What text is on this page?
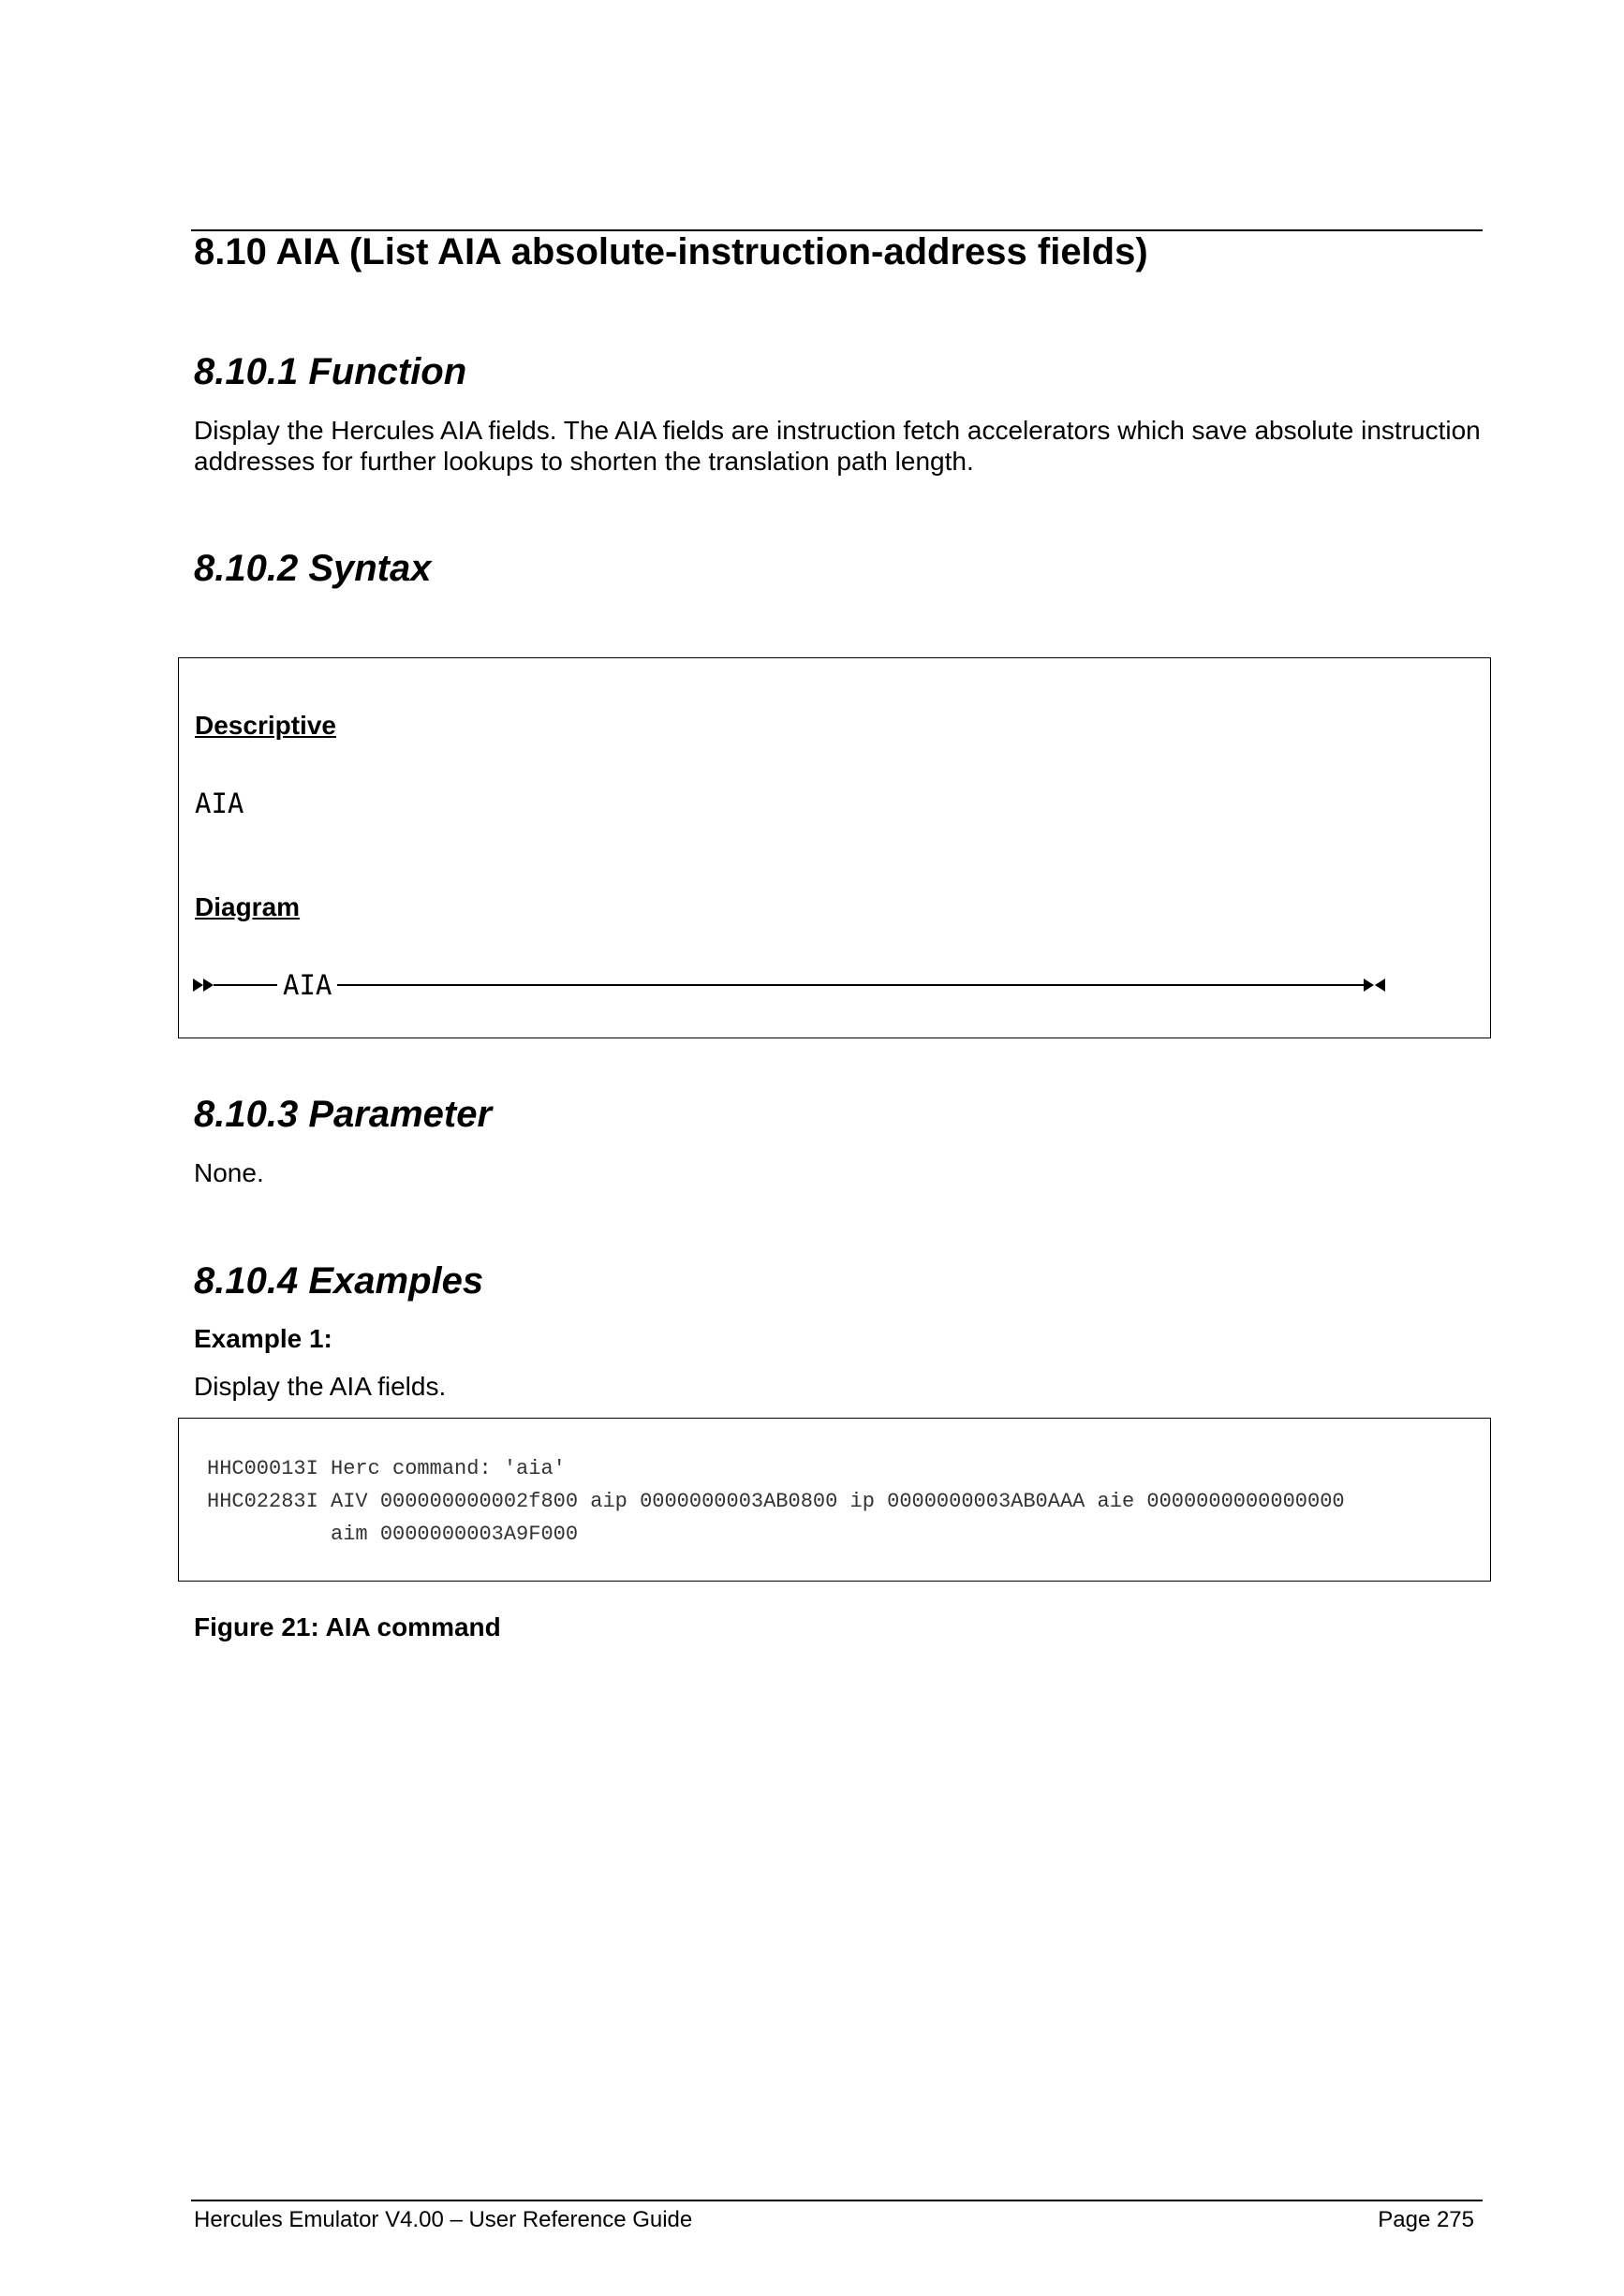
8.10 AIA (List AIA absolute-instruction-address fields)
8.10.1 Function
Display the Hercules AIA fields. The AIA fields are instruction fetch accelerators which save absolute instruction addresses for further lookups to shorten the translation path length.
8.10.2 Syntax
Descriptive
AIA
Diagram
AIA
8.10.3 Parameter
None.
8.10.4 Examples
Example 1:
Display the AIA fields.
HHC00013I Herc command: 'aia'
HHC02283I AIV 000000000002f800 aip 0000000003AB0800 ip 0000000003AB0AAA aie 0000000000000000
aim 0000000003A9F000
Figure 21: AIA command
Hercules Emulator V4.00 – User Reference Guide	Page 275
